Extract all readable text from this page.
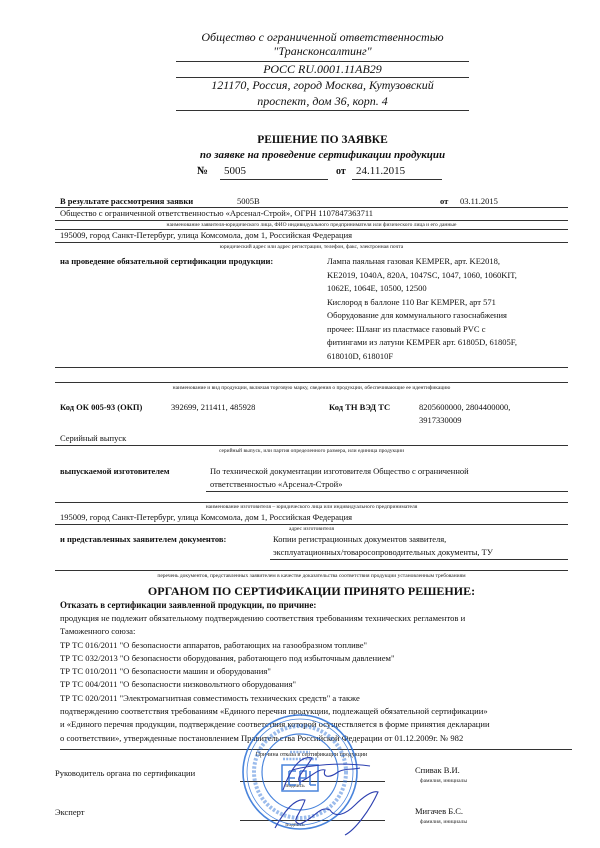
Общество с ограниченной ответственностью
"Трансконсалтинг"
РОСС RU.0001.11АВ29
121170, Россия, город Москва, Кутузовский
проспект, дом 36, корп. 4
РЕШЕНИЕ ПО ЗАЯВКЕ
по заявке на проведение сертификации продукции
№ 5005	от 24.11.2015
В результате рассмотрения заявки	5005В	от 03.11.2015
Общество с ограниченной ответственностью «Арсенал-Строй», ОГРН 1107847363711
наименование заявителя-юридического лица, ФИО индивидуального предпринимателя или физического лица и его данные
195009, город Санкт-Петербург, улица Комсомола, дом 1, Российская Федерация
юридический адрес или адрес регистрации, телефон, факс, электронная почта
на проведение обязательной сертификации продукции:	Лампа паяльная газовая KEMPER, арт. KE2018,
KE2019, 1040A, 820A, 1047SC, 1047, 1060, 1060KIT,
1062E, 1064E, 10500, 12500
Кислород в баллоне 110 Bar KEMPER, арт 571
Оборудование для коммунального газоснабжения
прочее: Шланг из пластмасе газовый PVC с
фитингами из латуни KEMPER арт. 61805D, 61805F,
618010D, 618010F
наименование и вид продукции, включая торговую марку, сведения о продукции, обеспечивающие ее идентификацию
Код ОК 005-93 (ОКП)	392699, 211411, 485928	Код ТН ВЭД ТС	8205600000, 2804400000,
3917330009
Серийный выпуск
серийный выпуск, или партия определенного размера, или единица продукции
выпускаемой изготовителем	По технической документации изготовителя Общество с ограниченной
ответственностью «Арсенал-Строй»
наименование изготовителя – юридического лица или индивидуального предпринимателя
195009, город Санкт-Петербург, улица Комсомола, дом 1, Российская Федерация
адрес изготовителя
и представленных заявителем документов:	Копии регистрационных документов заявителя,
эксплуатационных/товаросопроводительных документы, ТУ
перечень документов, представленных заявителем в качестве доказательства соответствия продукции установленным требованиям
ОРГАНОМ ПО СЕРТИФИКАЦИИ ПРИНЯТО РЕШЕНИЕ:
Отказать в сертификации заявленной продукции, по причине:
продукция не подлежит обязательному подтверждению соответствия требованиям технических регламентов и
Таможенного союза:
ТР ТС 016/2011 "О безопасности аппаратов, работающих на газообразном топливе"
ТР ТС 032/2013 "О безопасности оборудования, работающего под избыточным давлением"
ТР ТС 010/2011 "О безопасности машин и оборудования"
ТР ТС 004/2011 "О безопасности низковольтного оборудования"
ТР ТС 020/2011 "Электромагнитная совместимость технических средств" а также
подтверждению соответствия требованиям «Единого перечня продукции, подлежащей обязательной сертификации»
и «Единого перечня продукции, подтверждение соответствия которой осуществляется в форме принятия декларации
о соответствии», утвержденные постановлением Правительства Российской Федерации от 01.12.2009г. № 982
Причина отказа в сертификации продукции
Руководитель органа по сертификации
подпись
Спивак В.И.
фамилия, инициалы
Эксперт
подпись
Мигачев Б.С.
фамилия, инициалы
